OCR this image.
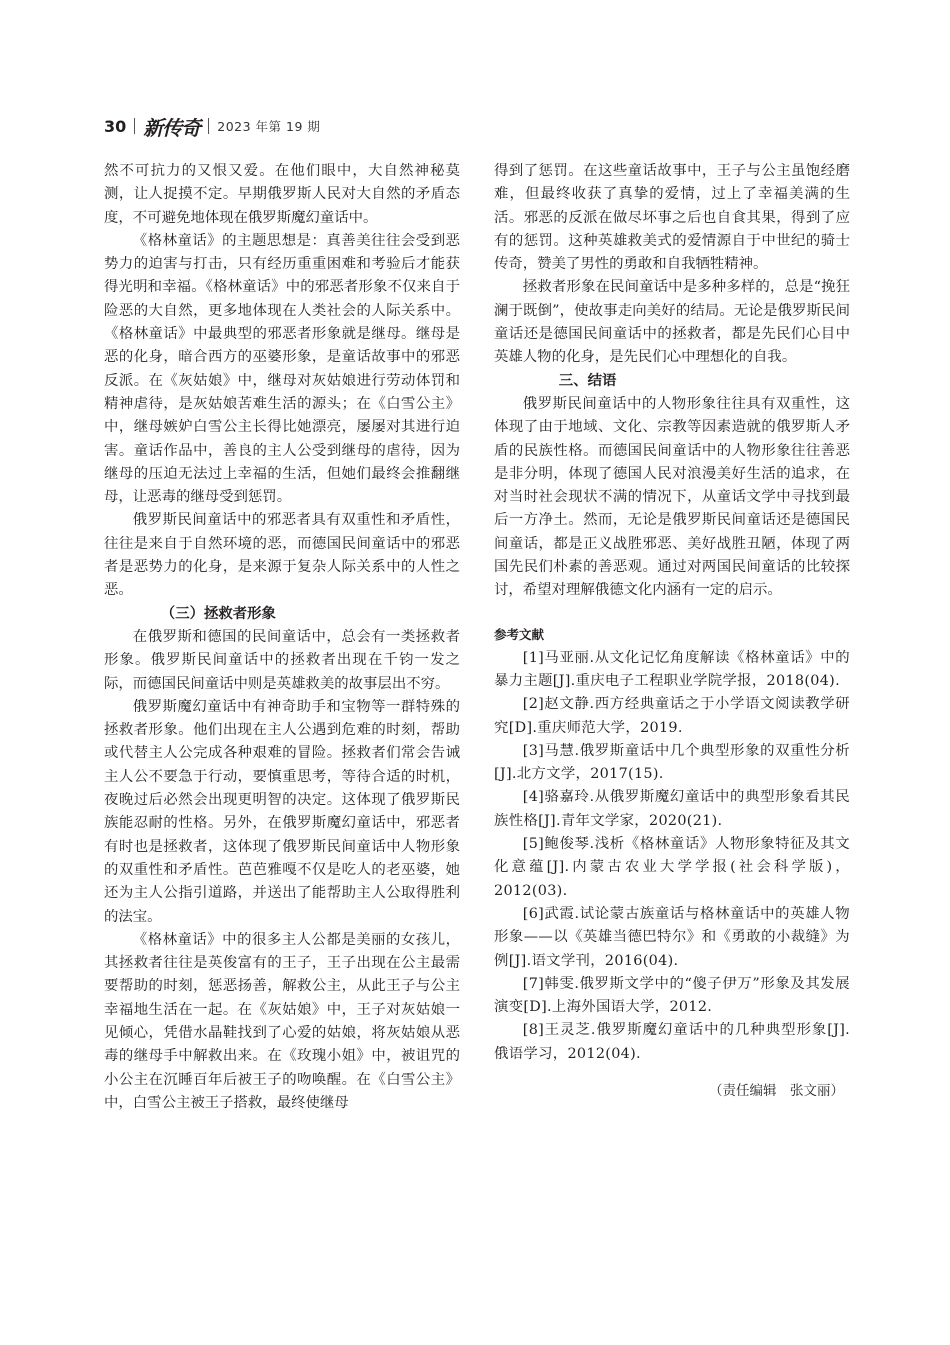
30 新传奇 2023 年第 19 期

然不可抗力的又恨又爱。在他们眼中，大自然神秘莫测，让人捉摸不定。早期俄罗斯人民对大自然的矛盾态度，不可避免地体现在俄罗斯魔幻童话中。

《格林童话》的主题思想是：真善美往往会受到恶势力的迫害与打击，只有经历重重困难和考验后才能获得光明和幸福。《格林童话》中的邪恶者形象不仅来自于险恶的大自然，更多地体现在人类社会的人际关系中。《格林童话》中最典型的邪恶者形象就是继母。继母是恶的化身，暗合西方的巫婆形象，是童话故事中的邪恶反派。在《灰姑娘》中，继母对灰姑娘进行劳动体罚和精神虐待，是灰姑娘苦难生活的源头；在《白雪公主》中，继母嫉妒白雪公主长得比她漂亮，屡屡对其进行迫害。童话作品中，善良的主人公受到继母的虐待，因为继母的压迫无法过上幸福的生活，但她们最终会推翻继母，让恶毒的继母受到惩罚。

俄罗斯民间童话中的邪恶者具有双重性和矛盾性，往往是来自于自然环境的恶，而德国民间童话中的邪恶者是恶势力的化身，是来源于复杂人际关系中的人性之恶。

（三）拯救者形象

在俄罗斯和德国的民间童话中，总会有一类拯救者形象。俄罗斯民间童话中的拯救者出现在千钧一发之际，而德国民间童话中则是英雄救美的故事层出不穷。

俄罗斯魔幻童话中有神奇助手和宝物等一群特殊的拯救者形象。他们出现在主人公遇到危难的时刻，帮助或代替主人公完成各种艰难的冒险。拯救者们常会告诫主人公不要急于行动，要慎重思考，等待合适的时机，夜晚过后必然会出现更明智的决定。这体现了俄罗斯民族能忍耐的性格。另外，在俄罗斯魔幻童话中，邪恶者有时也是拯救者，这体现了俄罗斯民间童话中人物形象的双重性和矛盾性。芭芭雅嘎不仅是吃人的老巫婆，她还为主人公指引道路，并送出了能帮助主人公取得胜利的法宝。

《格林童话》中的很多主人公都是美丽的女孩儿，其拯救者往往是英俊富有的王子，王子出现在公主最需要帮助的时刻，惩恶扬善，解救公主，从此王子与公主幸福地生活在一起。在《灰姑娘》中，王子对灰姑娘一见倾心，凭借水晶鞋找到了心爱的姑娘，将灰姑娘从恶毒的继母手中解救出来。在《玫瑰小姐》中，被诅咒的小公主在沉睡百年后被王子的吻唤醒。在《白雪公主》中，白雪公主被王子搭救，最终使继母

得到了惩罚。在这些童话故事中，王子与公主虽饱经磨难，但最终收获了真挚的爱情，过上了幸福美满的生活。邪恶的反派在做尽坏事之后也自食其果，得到了应有的惩罚。这种英雄救美式的爱情源自于中世纪的骑士传奇，赞美了男性的勇敢和自我牺牲精神。

拯救者形象在民间童话中是多种多样的，总是“挽狂澜于既倒”，使故事走向美好的结局。无论是俄罗斯民间童话还是德国民间童话中的拯救者，都是先民们心目中英雄人物的化身，是先民们心中理想化的自我。

三、结语

俄罗斯民间童话中的人物形象往往具有双重性，这体现了由于地域、文化、宗教等因素造就的俄罗斯人矛盾的民族性格。而德国民间童话中的人物形象往往善恶是非分明，体现了德国人民对浪漫美好生活的追求，在对当时社会现状不满的情况下，从童话文学中寻找到最后一方净土。然而，无论是俄罗斯民间童话还是德国民间童话，都是正义战胜邪恶、美好战胜丑陋，体现了两国先民们朴素的善恶观。通过对两国民间童话的比较探讨，希望对理解俄德文化内涵有一定的启示。

参考文献

[1]马亚丽.从文化记忆角度解读《格林童话》中的暴力主题[J].重庆电子工程职业学院学报，2018(04).

[2]赵文静.西方经典童话之于小学语文阅读教学研究[D].重庆师范大学，2019.

[3]马慧.俄罗斯童话中几个典型形象的双重性分析[J].北方文学，2017(15).

[4]骆嘉玲.从俄罗斯魔幻童话中的典型形象看其民族性格[J].青年文学家，2020(21).

[5]鲍俊琴.浅析《格林童话》人物形象特征及其文化意蕴[J].内蒙古农业大学学报(社会科学版)，2012(03).

[6]武霞.试论蒙古族童话与格林童话中的英雄人物形象——以《英雄当德巴特尔》和《勇敢的小裁缝》为例[J].语文学刊，2016(04).

[7]韩雯.俄罗斯文学中的“傻子伊万”形象及其发展演变[D].上海外国语大学，2012.

[8]王灵芝.俄罗斯魔幻童话中的几种典型形象[J].俄语学习，2012(04).

（责任编辑　张文丽）
